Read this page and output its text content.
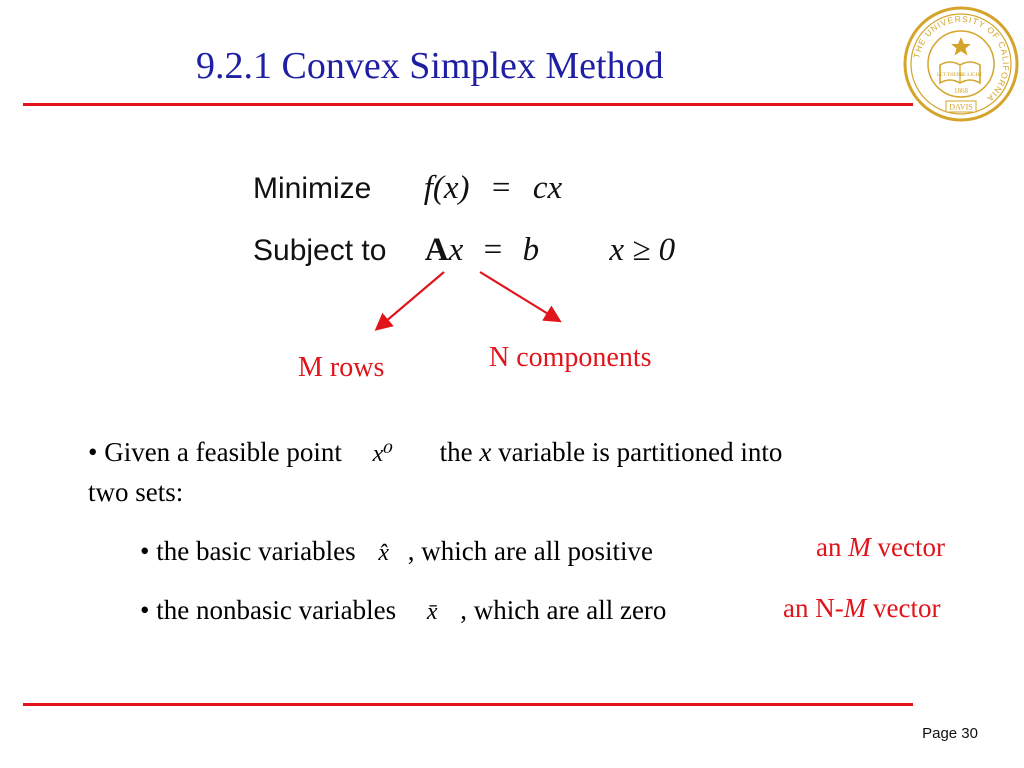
9.2.1 Convex Simplex Method	THE UNIVERSITY OF CALIFORNIA
LET THERE
BE LIGHT
1868
DAVIS
Minimize f(x) = cx
Subject to Ax = b x ≥ 0
M rows	N components
• Given a feasible point x⁰ the x variable is partitioned into
two sets:
• the basic variables x̂ , which are all positive	an M vector
• the nonbasic variables x̄ , which are all zero	an N-M vector
Page 30
